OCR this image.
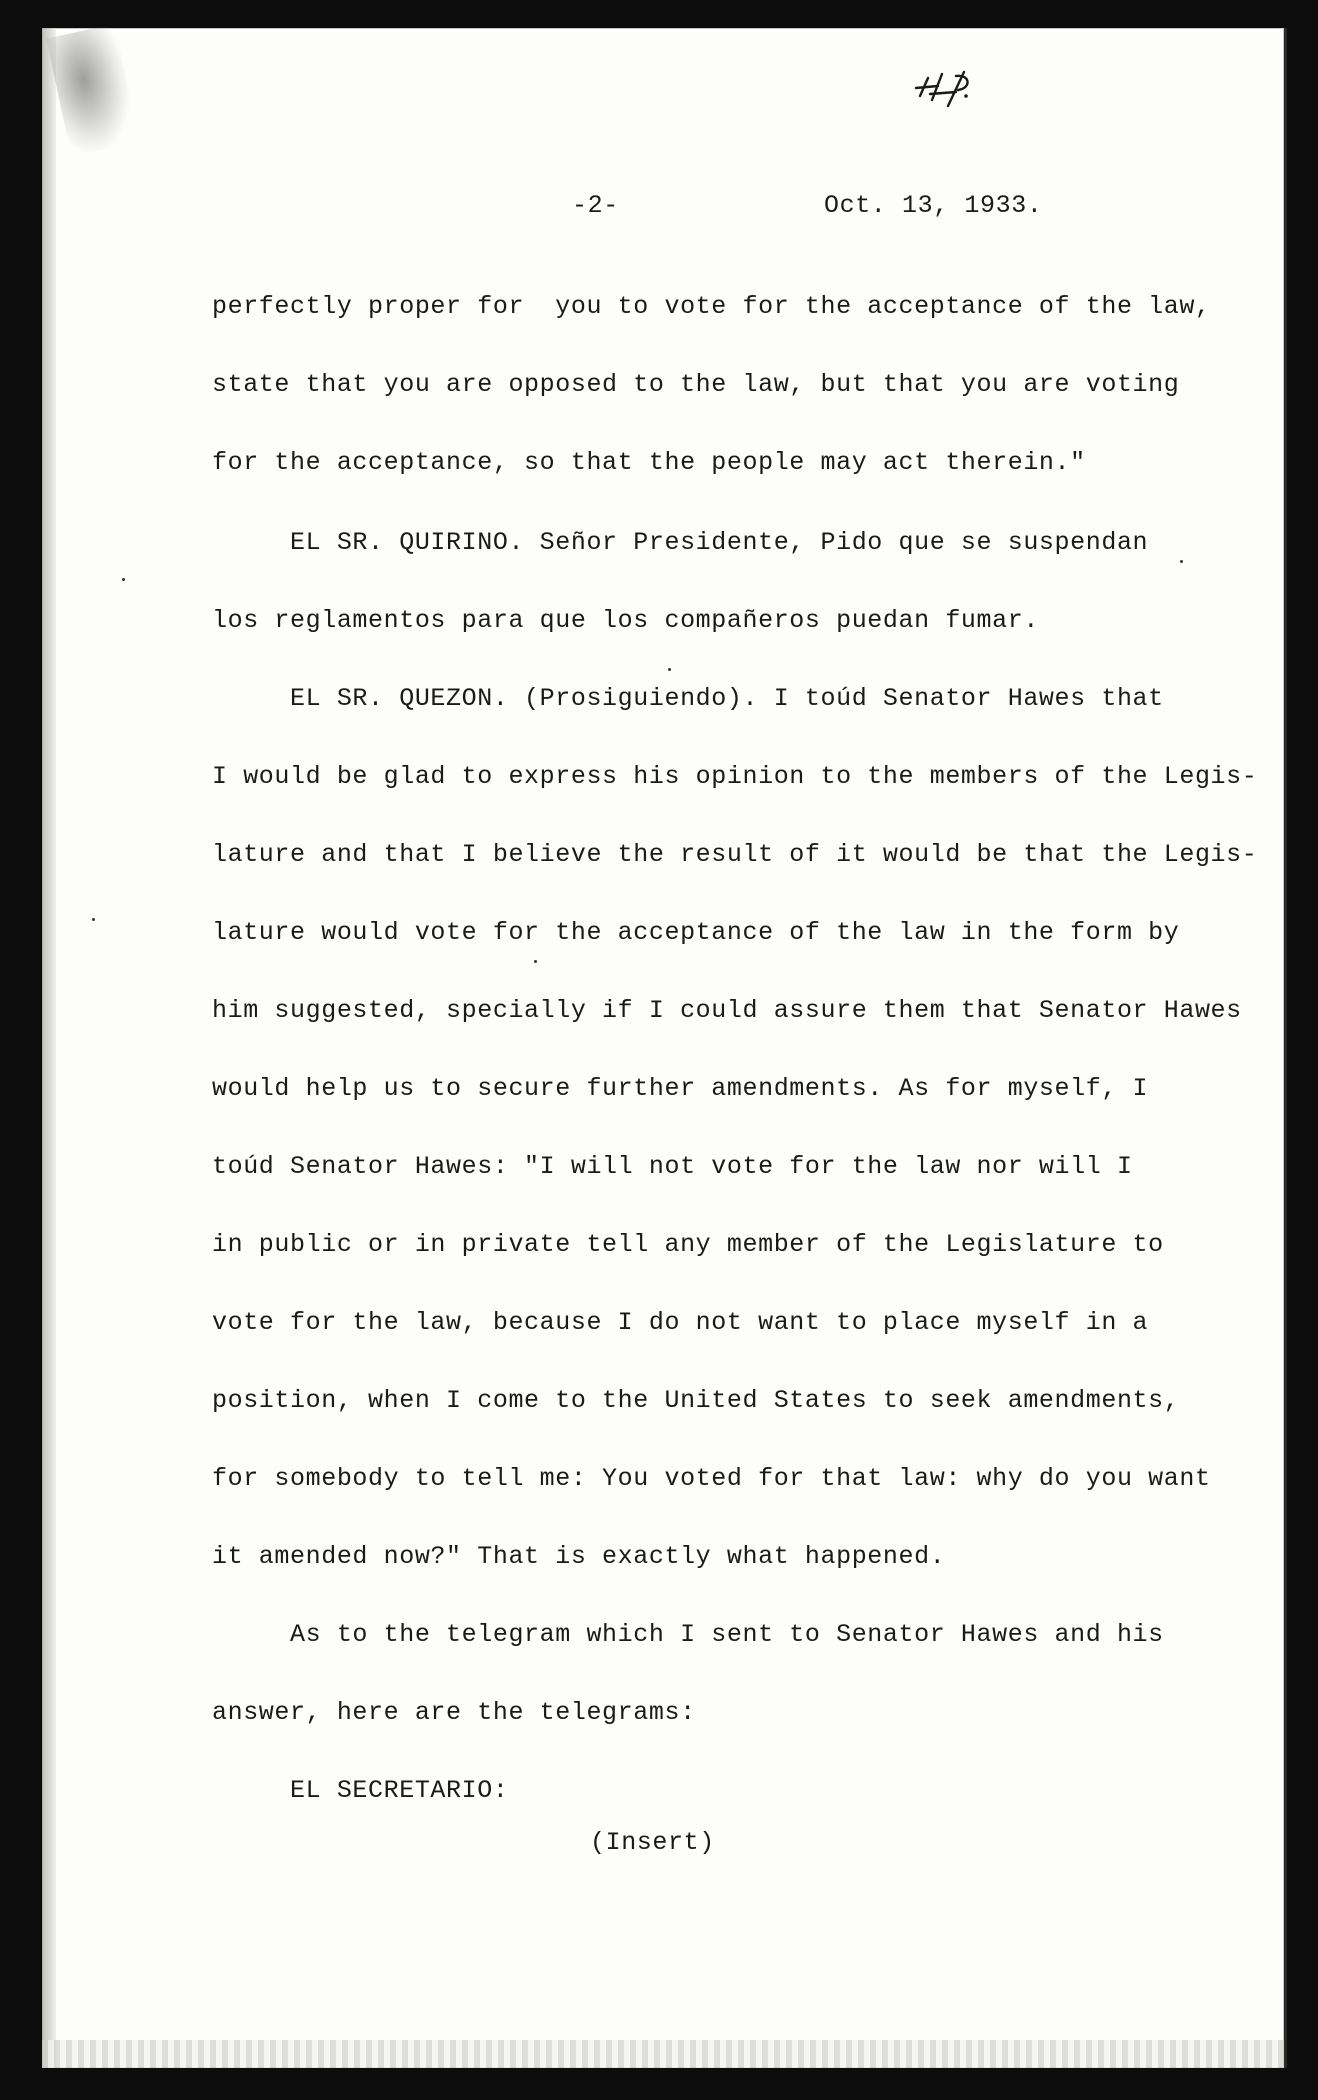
-2-	Oct. 13, 1933.

perfectly proper for  you to vote for the acceptance of the law,

state that you are opposed to the law, but that you are voting

for the acceptance, so that the people may act therein."

EL SR. QUIRINO. Señor Presidente, Pido que se suspendan

los reglamentos para que los compañeros puedan fumar.

EL SR. QUEZON. (Prosiguiendo). I toúd Senator Hawes that

I would be glad to express his opinion to the members of the Legis-

lature and that I believe the result of it would be that the Legis-

lature would vote for the acceptance of the law in the form by

him suggested, specially if I could assure them that Senator Hawes

would help us to secure further amendments. As for myself, I

toúd Senator Hawes: "I will not vote for the law nor will I

in public or in private tell any member of the Legislature to

vote for the law, because I do not want to place myself in a

position, when I come to the United States to seek amendments,

for somebody to tell me: You voted for that law: why do you want

it amended now?" That is exactly what happened.

As to the telegram which I sent to Senator Hawes and his

answer, here are the telegrams:

EL SECRETARIO:

(Insert)
